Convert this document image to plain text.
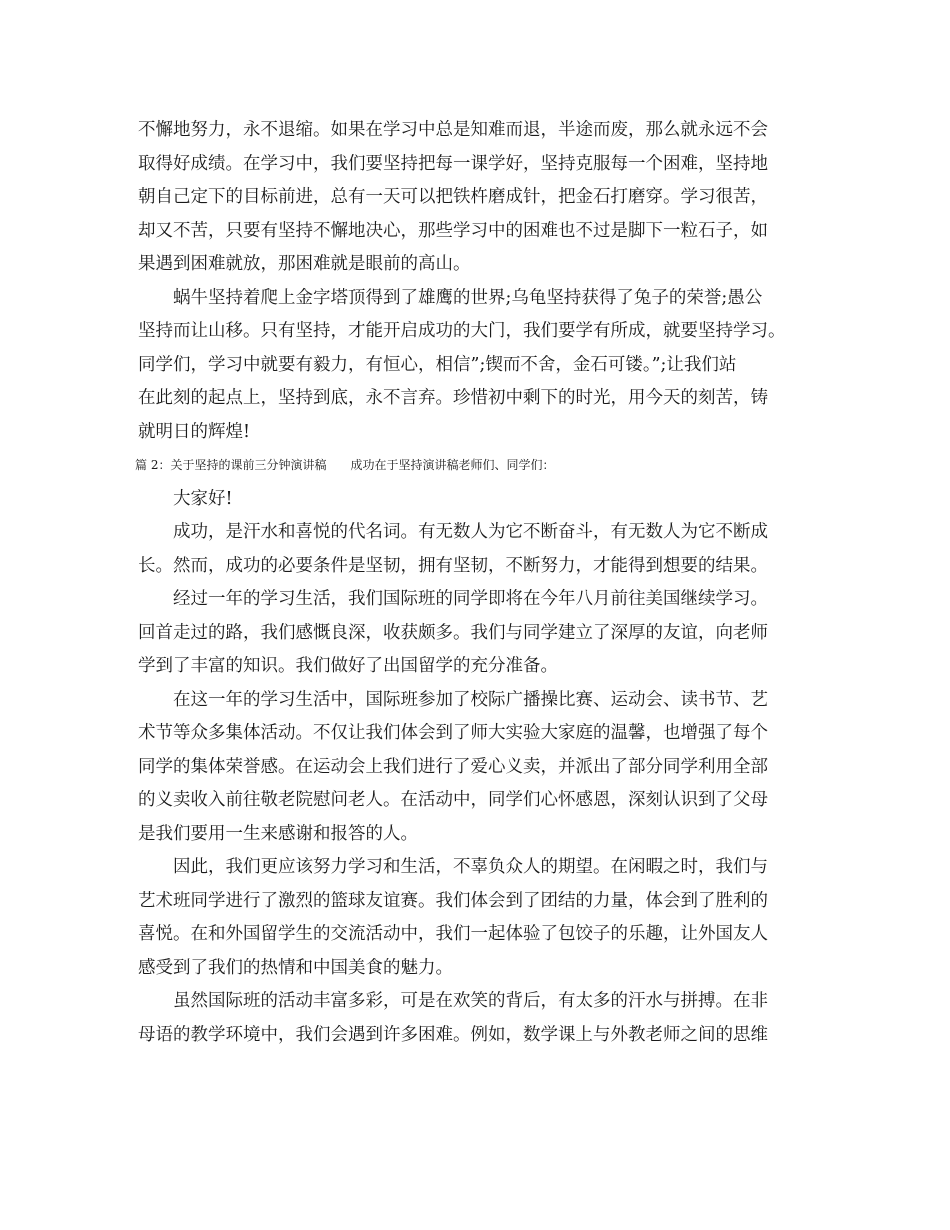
不懈地努力，永不退缩。如果在学习中总是知难而退，半途而废，那么就永远不会
取得好成绩。在学习中，我们要坚持把每一课学好，坚持克服每一个困难，坚持地
朝自己定下的目标前进，总有一天可以把铁杵磨成针，把金石打磨穿。学习很苦，
却又不苦，只要有坚持不懈地决心，那些学习中的困难也不过是脚下一粒石子，如
果遇到困难就放，那困难就是眼前的高山。
蜗牛坚持着爬上金字塔顶得到了雄鹰的世界;乌龟坚持获得了兔子的荣誉;愚公
坚持而让山移。只有坚持，才能开启成功的大门，我们要学有所成，就要坚持学习。
同学们，学习中就要有毅力，有恒心，相信”;锲而不舍，金石可镂。”;让我们站
在此刻的起点上，坚持到底，永不言弃。珍惜初中剩下的时光，用今天的刻苦，铸
就明日的辉煌!
篇 2：关于坚持的课前三分钟演讲稿　　成功在于坚持演讲稿老师们、同学们：
大家好!
成功，是汗水和喜悦的代名词。有无数人为它不断奋斗，有无数人为它不断成
长。然而，成功的必要条件是坚韧，拥有坚韧，不断努力，才能得到想要的结果。
经过一年的学习生活，我们国际班的同学即将在今年八月前往美国继续学习。
回首走过的路，我们感慨良深，收获颇多。我们与同学建立了深厚的友谊，向老师
学到了丰富的知识。我们做好了出国留学的充分准备。
在这一年的学习生活中，国际班参加了校际广播操比赛、运动会、读书节、艺
术节等众多集体活动。不仅让我们体会到了师大实验大家庭的温馨，也增强了每个
同学的集体荣誉感。在运动会上我们进行了爱心义卖，并派出了部分同学利用全部
的义卖收入前往敬老院慰问老人。在活动中，同学们心怀感恩，深刻认识到了父母
是我们要用一生来感谢和报答的人。
因此，我们更应该努力学习和生活，不辜负众人的期望。在闲暇之时，我们与
艺术班同学进行了激烈的篮球友谊赛。我们体会到了团结的力量，体会到了胜利的
喜悦。在和外国留学生的交流活动中，我们一起体验了包饺子的乐趣，让外国友人
感受到了我们的热情和中国美食的魅力。
虽然国际班的活动丰富多彩，可是在欢笑的背后，有太多的汗水与拼搏。在非
母语的教学环境中，我们会遇到许多困难。例如，数学课上与外教老师之间的思维
